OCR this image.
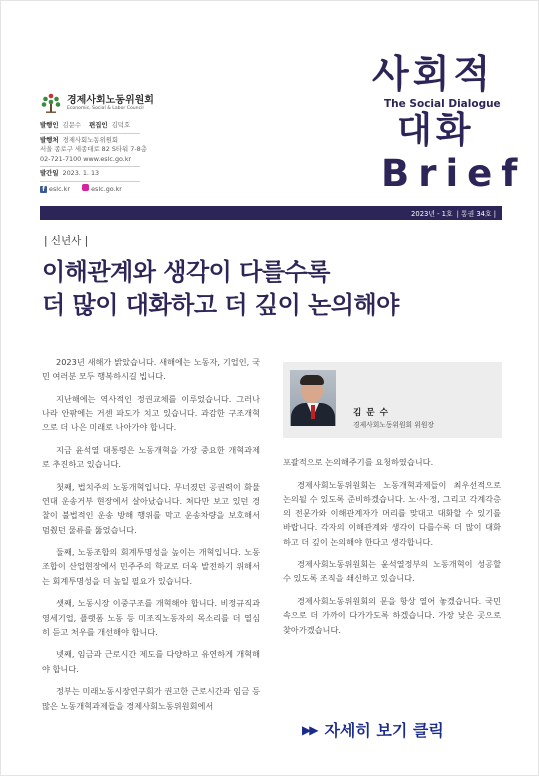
경제사회노동위원회
Economic, Social & Labor Council
발행인 김문수 편집인 김덕호
발행처 경제사회노동위원회
서울 종로구 세종대로 82 S타워 7-8층
02-721-7100 www.eslc.go.kr
발간일 2023. 1. 13
f eslc.kr	eslc.go.kr
사회적
The Social Dialogue
대화
Brief
2023년 - 1호 | 통권 34호 |
| 신년사 |
이해관계와 생각이 다를수록
더 많이 대화하고 더 깊이 논의해야

2023년 새해가 밝았습니다. 새해에는 노동자, 기업인, 국민 여러분 모두 행복하시길 빕니다.

지난해에는 역사적인 정권교체를 이루었습니다. 그러나 나라 안팎에는 거센 파도가 치고 있습니다. 과감한 구조개혁으로 더 나은 미래로 나아가야 합니다.

지금 윤석열 대통령은 노동개혁을 가장 중요한 개혁과제로 추진하고 있습니다.

첫째, 법치주의 노동개혁입니다. 무너졌던 공권력이 화물연대 운송거부 현장에서 살아났습니다. 쳐다만 보고 있던 경찰이 불법적인 운송 방해 행위를 막고 운송차량을 보호해서 멈췄던 물류를 뚫었습니다.

둘째, 노동조합의 회계투명성을 높이는 개혁입니다. 노동조합이 산업현장에서 민주주의 학교로 더욱 발전하기 위해서는 회계투명성을 더 높일 필요가 있습니다.

셋째, 노동시장 이중구조를 개혁해야 합니다. 비정규직과 영세기업, 플랫폼 노동 등 미조직노동자의 목소리를 더 열심히 듣고 처우를 개선해야 합니다.

넷째, 임금과 근로시간 제도를 다양하고 유연하게 개혁해야 합니다.

정부는 미래노동시장연구회가 권고한 근로시간과 임금 등 많은 노동개혁과제들을 경제사회노동위원회에서

김 문 수
경제사회노동위원회 위원장

포괄적으로 논의해주기를 요청하였습니다.

경제사회노동위원회는 노동개혁과제들이 최우선적으로 논의될 수 있도록 준비하겠습니다. 노·사·정, 그리고 각계각층의 전문가와 이해관계자가 머리를 맞대고 대화할 수 있기를 바랍니다. 각자의 이해관계와 생각이 다를수록 더 많이 대화하고 더 깊이 논의해야 한다고 생각합니다.

경제사회노동위원회는 윤석열정부의 노동개혁이 성공할 수 있도록 조직을 쇄신하고 있습니다.

경제사회노동위원회의 문을 항상 열어 놓겠습니다. 국민 속으로 더 가까이 다가가도록 하겠습니다. 가장 낮은 곳으로 찾아가겠습니다.

▶▶ 자세히 보기 클릭
